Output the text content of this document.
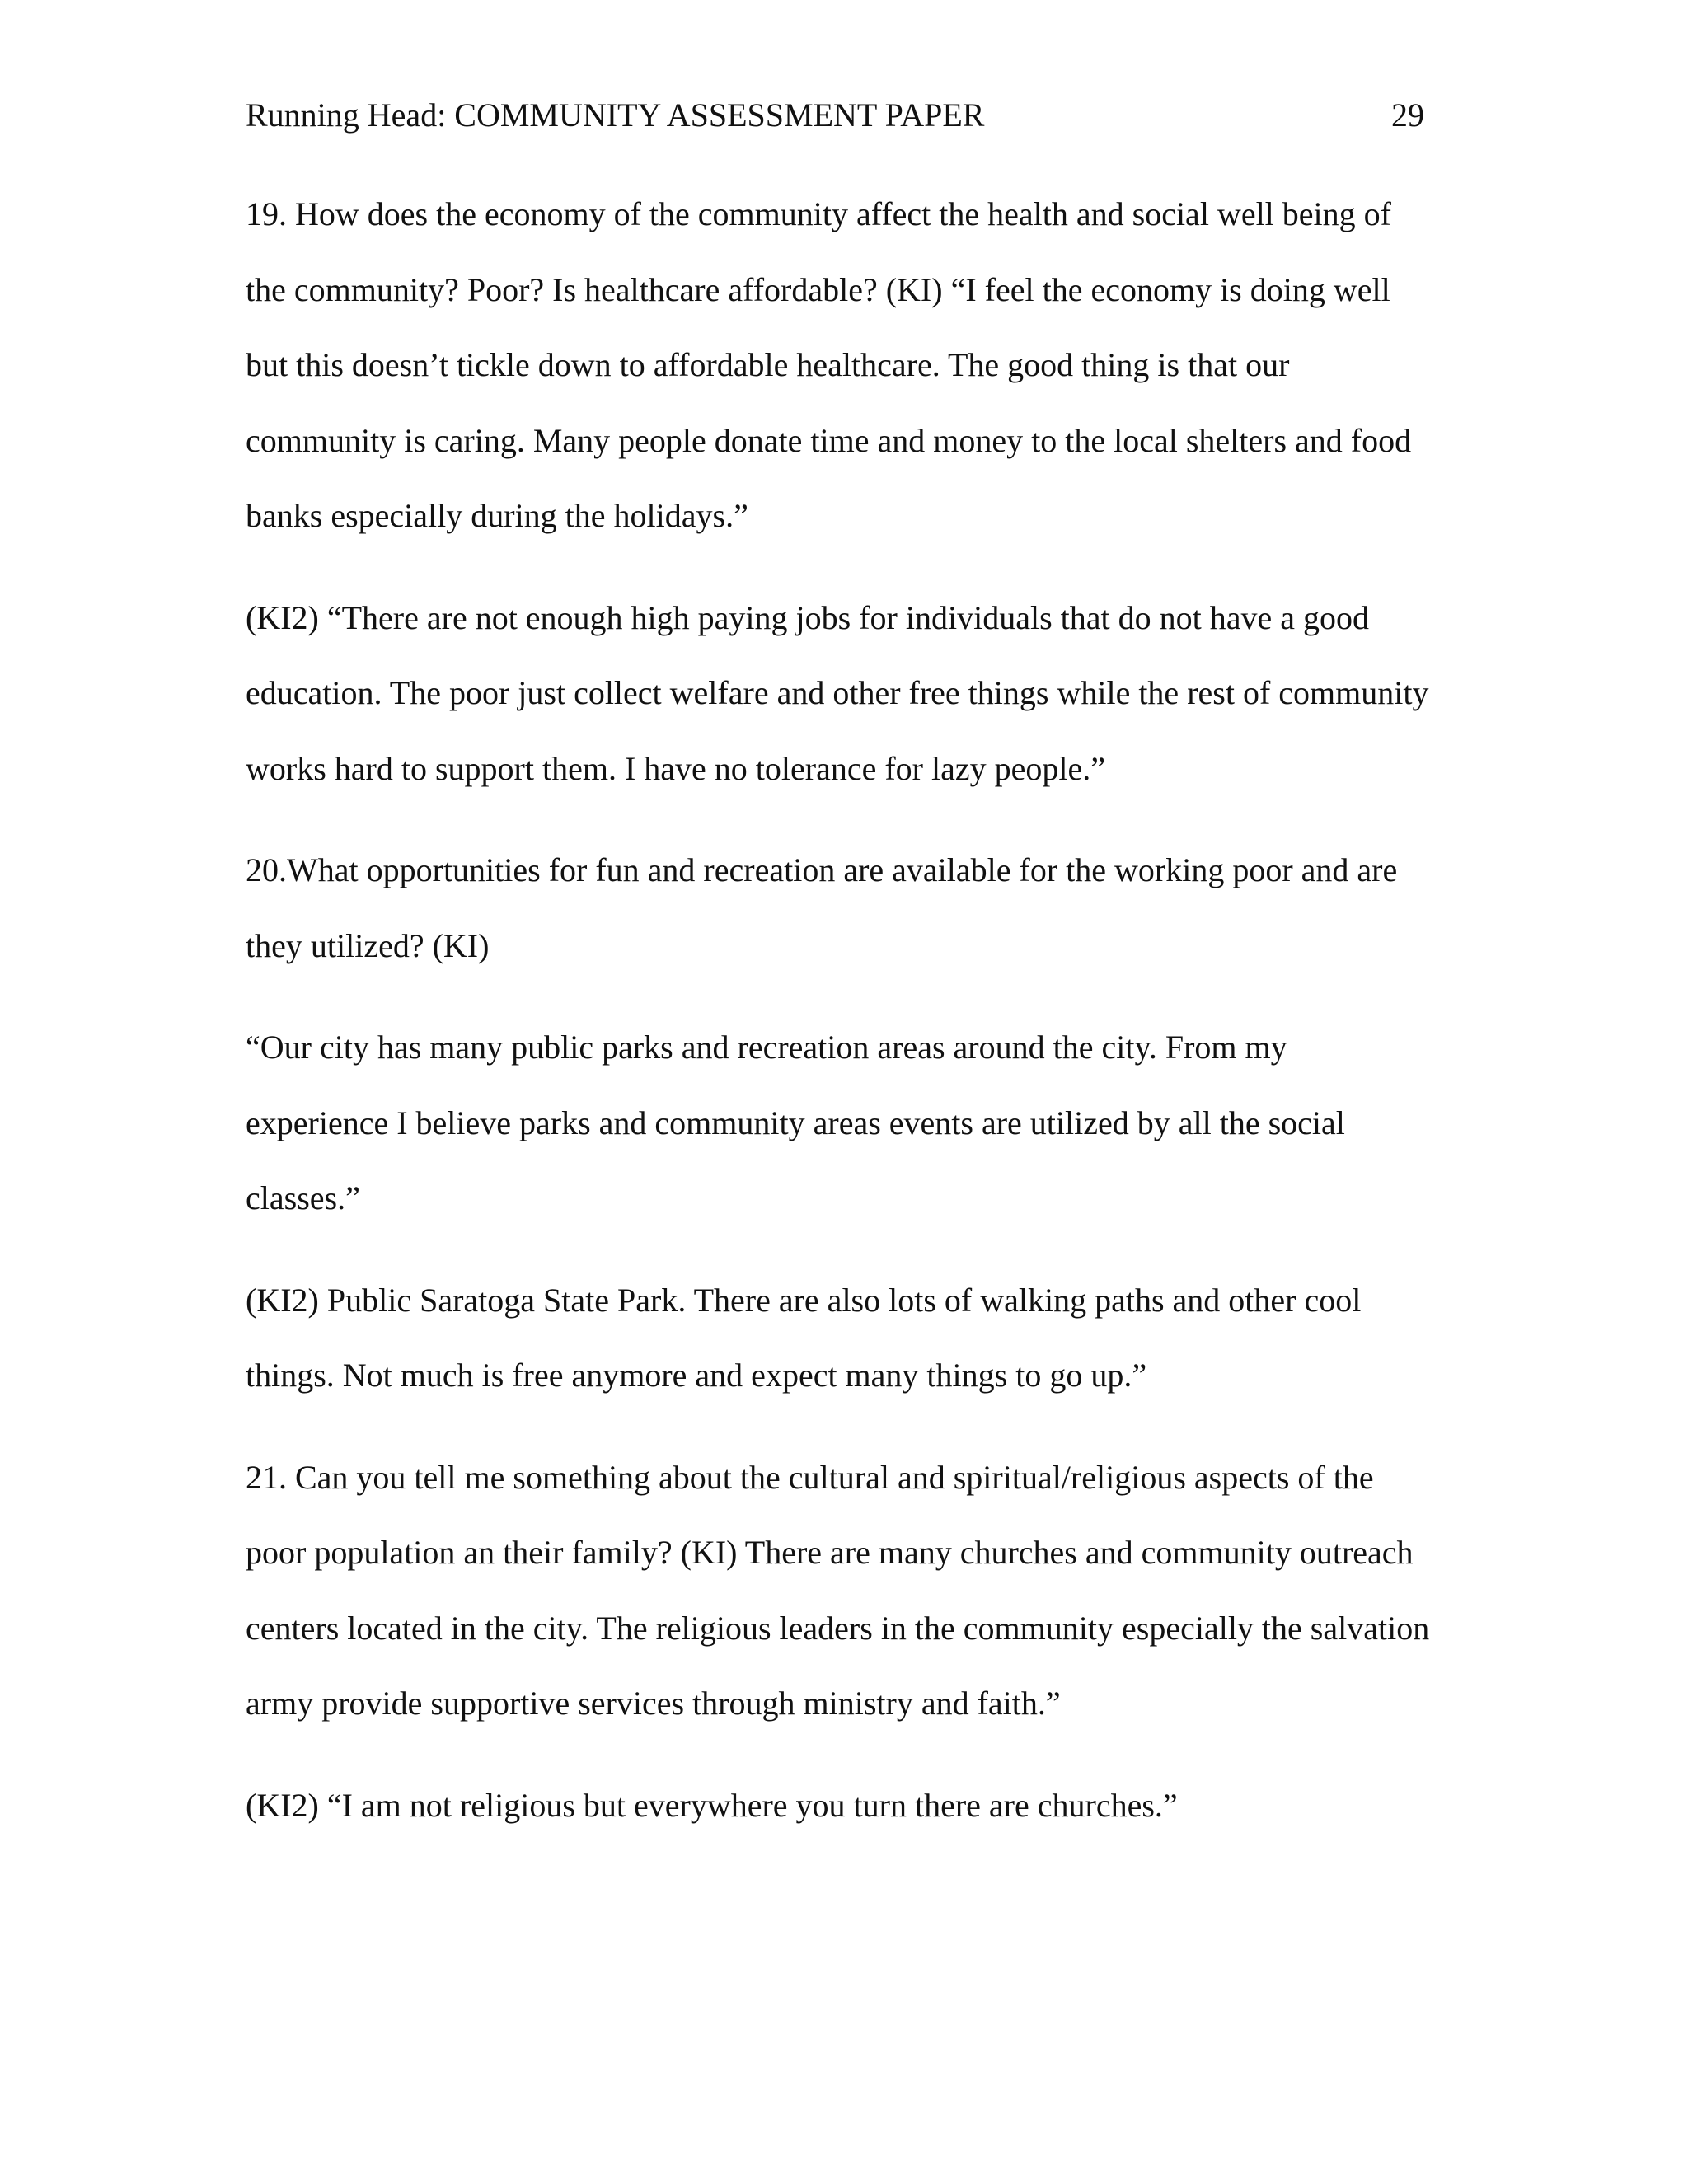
Running Head: COMMUNITY ASSESSMENT PAPER	29
19. How does the economy of the community affect the health and social well being of
the community? Poor? Is healthcare affordable? (KI) “I feel the economy is doing well
but this doesn’t tickle down to affordable healthcare. The good thing is that our
community is caring. Many people donate time and money to the local shelters and food
banks especially during the holidays.”
(KI2) “There are not enough high paying jobs for individuals that do not have a good
education. The poor just collect welfare and other free things while the rest of community
works hard to support them. I have no tolerance for lazy people.”
20.What opportunities for fun and recreation are available for the working poor and are
they utilized? (KI)
“Our city has many public parks and recreation areas around the city. From my
experience I believe parks and community areas events are utilized by all the social
classes.”
(KI2) Public Saratoga State Park. There are also lots of walking paths and other cool
things. Not much is free anymore and expect many things to go up.”
21. Can you tell me something about the cultural and spiritual/religious aspects of the
poor population an their family? (KI) There are many churches and community outreach
centers located in the city. The religious leaders in the community especially the salvation
army provide supportive services through ministry and faith.”
(KI2) “I am not religious but everywhere you turn there are churches.”
